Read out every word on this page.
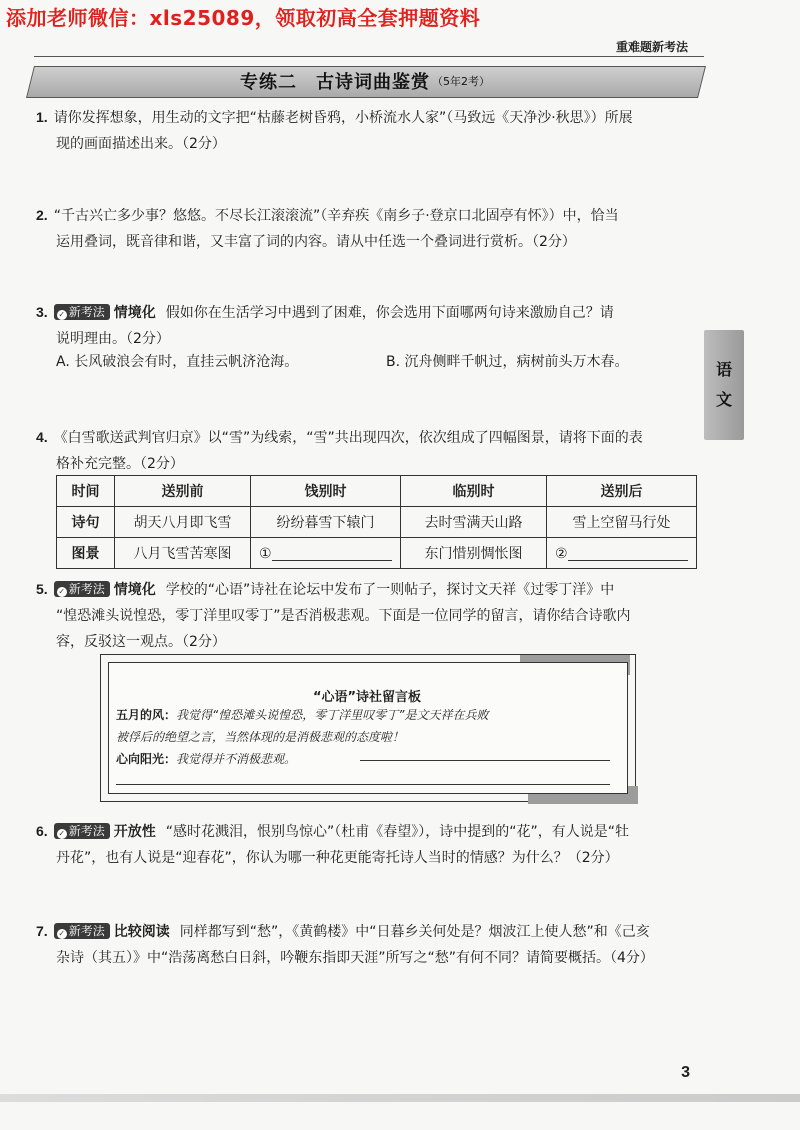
添加老师微信：xls25089，领取初高全套押题资料
重难题新考法
专练二　古诗词曲鉴赏 （5年2考）
语
文
1. 请你发挥想象，用生动的文字把“枯藤老树昏鸦，小桥流水人家”（马致远《天净沙·秋思》）所展
现的画面描述出来。（2分）
2. “千古兴亡多少事？悠悠。不尽长江滚滚流”（辛弃疾《南乡子·登京口北固亭有怀》）中，恰当
运用叠词，既音律和谐，又丰富了词的内容。请从中任选一个叠词进行赏析。（2分）
3. ✓ 新考法 情境化 假如你在生活学习中遇到了困难，你会选用下面哪两句诗来激励自己？请
说明理由。（2分）
A. 长风破浪会有时，直挂云帆济沧海。	B. 沉舟侧畔千帆过，病树前头万木春。
4. 《白雪歌送武判官归京》以“雪”为线索，“雪”共出现四次，依次组成了四幅图景，请将下面的表
格补充完整。（2分）
时间	送别前	饯别时	临别时	送别后
诗句	胡天八月即飞雪	纷纷暮雪下辕门	去时雪满天山路	雪上空留马行处
图景	八月飞雪苦寒图	①	东门惜别惆怅图	②
5. ✓ 新考法 情境化 学校的“心语”诗社在论坛中发布了一则帖子，探讨文天祥《过零丁洋》中
“惶恐滩头说惶恐，零丁洋里叹零丁”是否消极悲观。下面是一位同学的留言，请你结合诗歌内
容，反驳这一观点。（2分）
“心语”诗社留言板
五月的风：我觉得“惶恐滩头说惶恐，零丁洋里叹零丁”是文天祥在兵败
被俘后的绝望之言，当然体现的是消极悲观的态度啦！
心向阳光：我觉得并不消极悲观。
6. ✓ 新考法 开放性 “感时花溅泪，恨别鸟惊心”（杜甫《春望》），诗中提到的“花”，有人说是“牡
丹花”，也有人说是“迎春花”，你认为哪一种花更能寄托诗人当时的情感？为什么？（2分）
7. ✓ 新考法 比较阅读 同样都写到“愁”，《黄鹤楼》中“日暮乡关何处是？烟波江上使人愁”和《己亥
杂诗（其五）》中“浩荡离愁白日斜，吟鞭东指即天涯”所写之“愁”有何不同？请简要概括。（4分）
3
